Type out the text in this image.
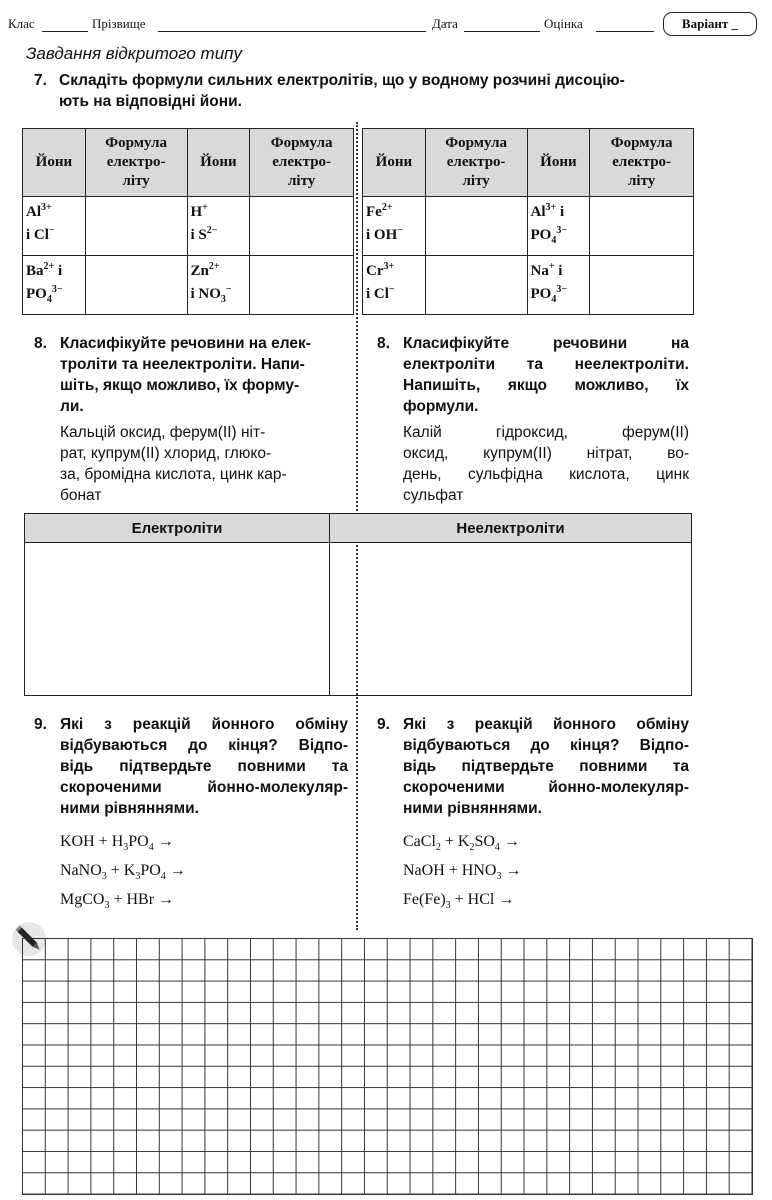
Клас	Прізвище	Дата	Оцінка	Варіант _
Завдання відкритого типу
7. Складіть формули сильних електролітів, що у водному розчині дисоцію-
ють на відповідні йони.
Йони	Формула
електро-
літу	Йони	Формула
електро-
літу
$Al^{3+}$
і Cl−		H+
і $S^{2-}$	
$Ba^{2+}$ і
$PO_4^{3-}$		$Zn^{2+}$
і $NO_3^-$	
Йони	Формула
електро-
літу	Йони	Формула
електро-
літу
$Fe^{2+}$
і OH−		$Al^{3+}$ і
$PO_4^{3-}$	
$Cr^{3+}$
і Cl−		Na+ і
$PO_4^{3-}$	
8. Класифікуйте речовини на елек-
троліти та неелектроліти. Напи-
шіть, якщо можливо, їх форму-
ли.
Кальцій оксид, ферум(II) ніт-
рат, купрум(II) хлорид, глюко-
за, бромідна кислота, цинк кар-
бонат
8. Класифікуйте речовини на
електроліти та неелектроліти.
Напишіть, якщо можливо, їх
формули.
Калій гідроксид, ферум(II)
оксид, купрум(II) нітрат, во-
день, сульфідна кислота, цинк
сульфат
Електроліти	Неелектроліти

9. Які з реакцій йонного обміну
відбуваються до кінця? Відпо-
відь підтвердьте повними та
скороченими йонно-молекуляр-
ними рівняннями.
KOH + $H_3PO_4$ →
NaNO$_3$ + $K_3PO_4$ →
MgCO$_3$ + HBr →
9. Які з реакцій йонного обміну
відбуваються до кінця? Відпо-
відь підтвердьте повними та
скороченими йонно-молекуляр-
ними рівняннями.
CaCl$_2$ + $K_2SO_4$ →
NaOH + $HNO_3$ →
$Fe(Fe)_3$ + HCl →
